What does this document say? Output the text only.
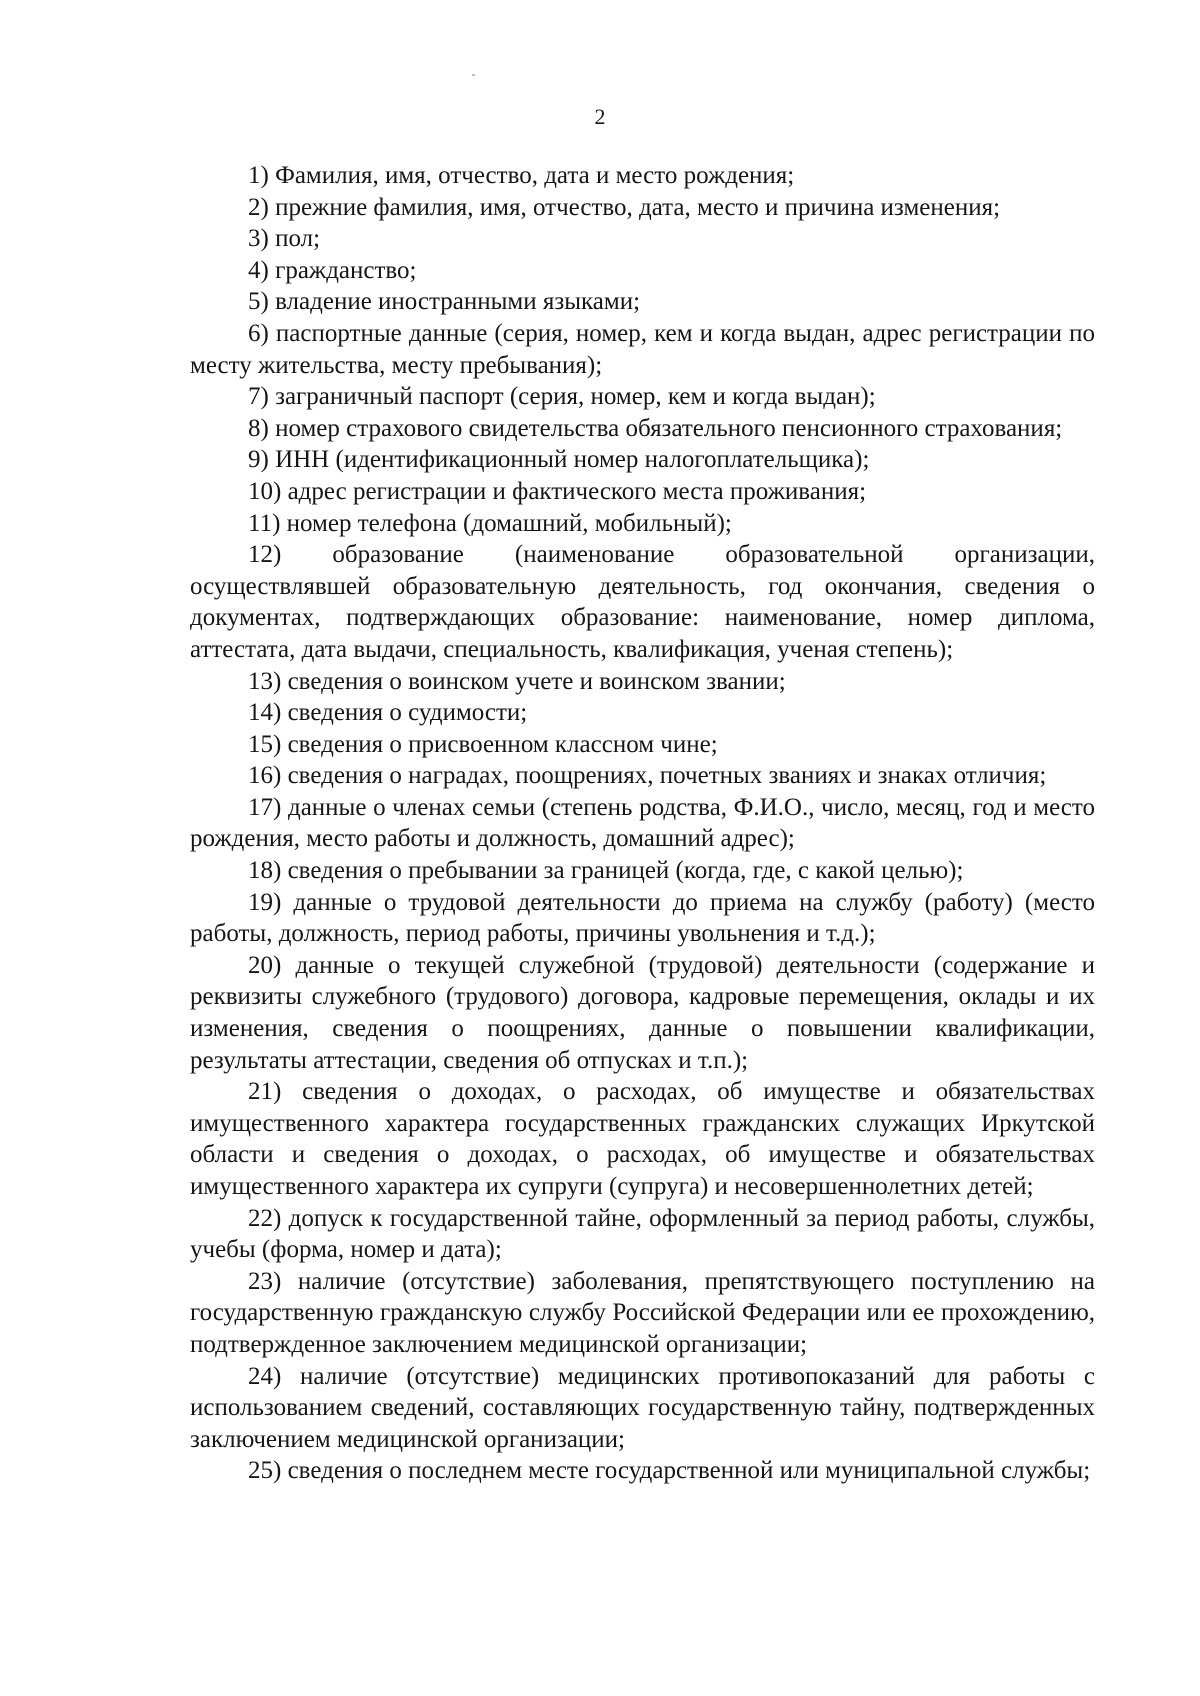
2

1) Фамилия, имя, отчество, дата и место рождения;

2) прежние фамилия, имя, отчество, дата, место и причина изменения;

3) пол;

4) гражданство;

5) владение иностранными языками;

6) паспортные данные (серия, номер, кем и когда выдан, адрес регистрации по месту жительства, месту пребывания);

7) заграничный паспорт (серия, номер, кем и когда выдан);

8) номер страхового свидетельства обязательного пенсионного страхования;

9) ИНН (идентификационный номер налогоплательщика);

10) адрес регистрации и фактического места проживания;

11) номер телефона (домашний, мобильный);

12) образование (наименование образовательной организации, осуществлявшей образовательную деятельность, год окончания, сведения о документах, подтверждающих образование: наименование, номер диплома, аттестата, дата выдачи, специальность, квалификация, ученая степень);

13) сведения о воинском учете и воинском звании;

14) сведения о судимости;

15) сведения о присвоенном классном чине;

16) сведения о наградах, поощрениях, почетных званиях и знаках отличия;

17) данные о членах семьи (степень родства, Ф.И.О., число, месяц, год и место рождения, место работы и должность, домашний адрес);

18) сведения о пребывании за границей (когда, где, с какой целью);

19) данные о трудовой деятельности до приема на службу (работу) (место работы, должность, период работы, причины увольнения и т.д.);

20) данные о текущей служебной (трудовой) деятельности (содержание и реквизиты служебного (трудового) договора, кадровые перемещения, оклады и их изменения, сведения о поощрениях, данные о повышении квалификации, результаты аттестации, сведения об отпусках и т.п.);

21) сведения о доходах, о расходах, об имуществе и обязательствах имущественного характера государственных гражданских служащих Иркутской области и сведения о доходах, о расходах, об имуществе и обязательствах имущественного характера их супруги (супруга) и несовершеннолетних детей;

22) допуск к государственной тайне, оформленный за период работы, службы, учебы (форма, номер и дата);

23) наличие (отсутствие) заболевания, препятствующего поступлению на государственную гражданскую службу Российской Федерации или ее прохождению, подтвержденное заключением медицинской организации;

24) наличие (отсутствие) медицинских противопоказаний для работы с использованием сведений, составляющих государственную тайну, подтвержденных заключением медицинской организации;

25) сведения о последнем месте государственной или муниципальной службы;
